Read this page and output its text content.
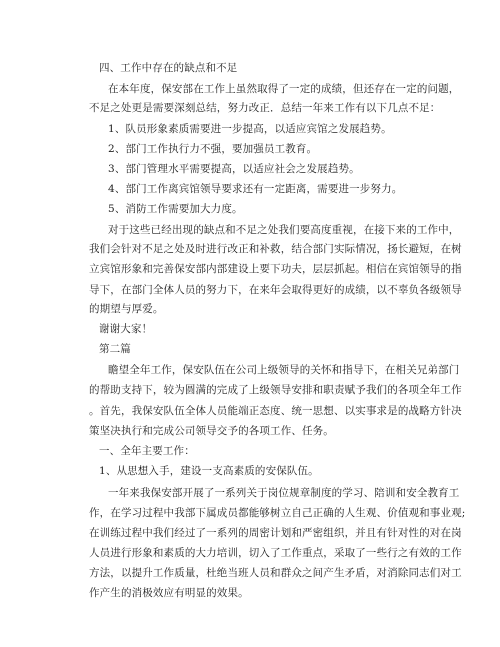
四、工作中存在的缺点和不足
在本年度，保安部在工作上虽然取得了一定的成绩，但还存在一定的问题，
不足之处更是需要深刻总结，努力改正．总结一年来工作有以下几点不足：
1、队员形象素质需要进一步提高，以适应宾馆之发展趋势。
2、部门工作执行力不强，要加强员工教育。
3、部门管理水平需要提高，以适应社会之发展趋势。
4、部门工作离宾馆领导要求还有一定距离，需要进一步努力。
5、消防工作需要加大力度。
对于这些已经出现的缺点和不足之处我们要高度重视，在接下来的工作中，
我们会针对不足之处及时进行改正和补救，结合部门实际情况，扬长避短，在树
立宾馆形象和完善保安部内部建设上要下功夫，层层抓起。相信在宾馆领导的指
导下，在部门全体人员的努力下，在来年会取得更好的成绩，以不辜负各级领导
的期望与厚爱。
谢谢大家！
第二篇
瞻望全年工作，保安队伍在公司上级领导的关怀和指导下，在相关兄弟部门
的帮助支持下，较为圆满的完成了上级领导安排和职责赋予我们的各项全年工作
。首先，我保安队伍全体人员能端正态度、统一思想、以实事求是的战略方针决
策坚决执行和完成公司领导交予的各项工作、任务。
一、全年主要工作：
1、从思想入手，建设一支高素质的安保队伍。
一年来我保安部开展了一系列关于岗位规章制度的学习、陪训和安全教育工
作，在学习过程中我部下属成员都能够树立自己正确的人生观、价值观和事业观;
在训练过程中我们经过了一系列的周密计划和严密组织，并且有针对性的对在岗
人员进行形象和素质的大力培训，切入了工作重点，采取了一些行之有效的工作
方法，以提升工作质量，杜绝当班人员和群众之间产生矛盾，对消除同志们对工
作产生的消极效应有明显的效果。
